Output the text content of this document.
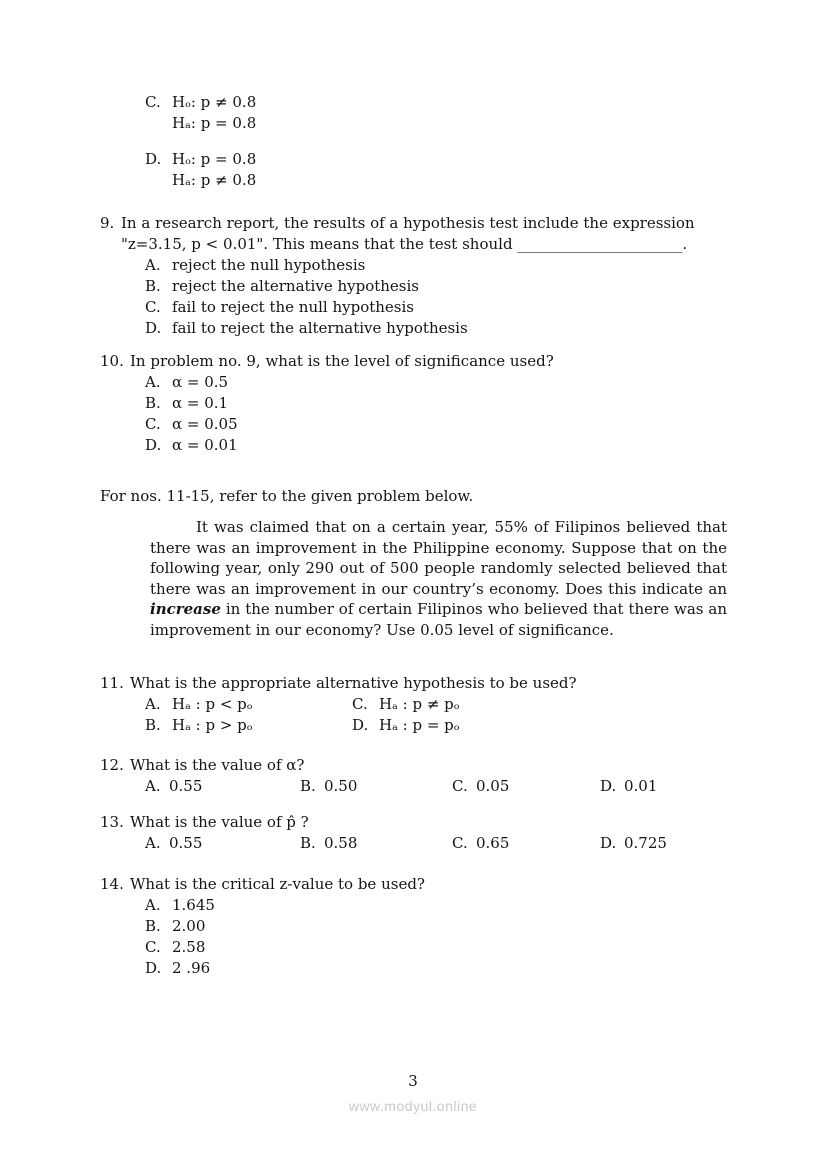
C. Hₒ: p ≠ 0.8
Hₐ: p = 0.8
D. Hₒ: p = 0.8
Hₐ: p ≠ 0.8
9. In a research report, the results of a hypothesis test include the expression
"z=3.15, p < 0.01". This means that the test should ______________________.
A. reject the null hypothesis
B. reject the alternative hypothesis
C. fail to reject the null hypothesis
D. fail to reject the alternative hypothesis
10. In problem no. 9, what is the level of significance used?
A. α = 0.5
B. α = 0.1
C. α = 0.05
D. α = 0.01
For nos. 11-15, refer to the given problem below.
It was claimed that on a certain year, 55% of Filipinos believed that there was an improvement in the Philippine economy. Suppose that on the following year, only 290 out of 500 people randomly selected believed that there was an improvement in our country’s economy. Does this indicate an increase in the number of certain Filipinos who believed that there was an improvement in our economy? Use 0.05 level of significance.
11. What is the appropriate alternative hypothesis to be used?
A. Hₐ : p < pₒ	C. Hₐ : p ≠ pₒ
B. Hₐ : p > pₒ	D. Hₐ : p = pₒ
12. What is the value of α?
A. 0.55	B. 0.50	C. 0.05	D. 0.01
13. What is the value of p̂ ?
A. 0.55	B. 0.58	C. 0.65	D. 0.725
14. What is the critical z-value to be used?
A. 1.645
B. 2.00
C. 2.58
D. 2 .96
3
www.modyul.online
